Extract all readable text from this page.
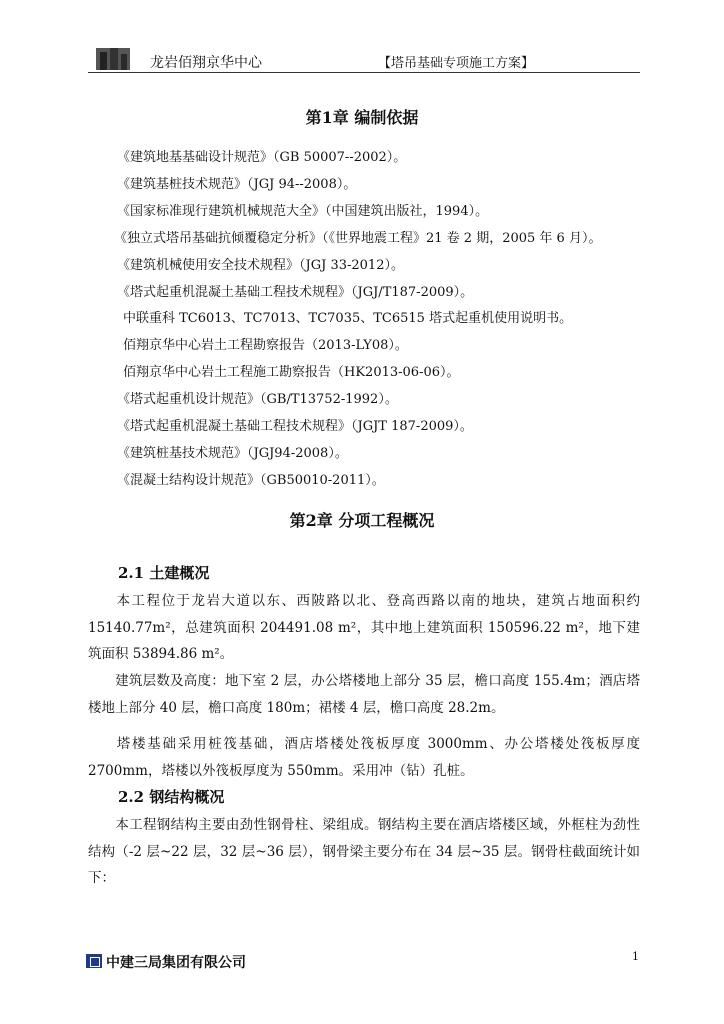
龙岩佰翔京华中心	【塔吊基础专项施工方案】
第1章 编制依据
《建筑地基基础设计规范》（GB 50007--2002）。
《建筑基桩技术规范》（JGJ 94--2008）。
《国家标准现行建筑机械规范大全》（中国建筑出版社，1994）。
《独立式塔吊基础抗倾覆稳定分析》（《世界地震工程》21 卷 2 期，2005 年 6 月）。
《建筑机械使用安全技术规程》（JGJ 33-2012）。
《塔式起重机混凝土基础工程技术规程》（JGJ/T187-2009）。
中联重科 TC6013、TC7013、TC7035、TC6515 塔式起重机使用说明书。
佰翔京华中心岩土工程勘察报告（2013-LY08）。
佰翔京华中心岩土工程施工勘察报告（HK2013-06-06）。
《塔式起重机设计规范》（GB/T13752-1992）。
《塔式起重机混凝土基础工程技术规程》（JGJT 187-2009）。
《建筑桩基技术规范》（JGJ94-2008）。
《混凝土结构设计规范》（GB50010-2011）。
第2章 分项工程概况
2.1 土建概况
本工程位于龙岩大道以东、西陂路以北、登高西路以南的地块，建筑占地面积约15140.77m²，总建筑面积 204491.08 m²，其中地上建筑面积 150596.22 m²，地下建筑面积 53894.86 m²。
建筑层数及高度：地下室 2 层，办公塔楼地上部分 35 层，檐口高度 155.4m；酒店塔楼地上部分 40 层，檐口高度 180m；裙楼 4 层，檐口高度 28.2m。
塔楼基础采用桩筏基础，酒店塔楼处筏板厚度 3000mm、办公塔楼处筏板厚度2700mm，塔楼以外筏板厚度为 550mm。采用冲（钻）孔桩。
2.2 钢结构概况
本工程钢结构主要由劲性钢骨柱、梁组成。钢结构主要在酒店塔楼区域，外框柱为劲性结构（-2 层~22 层，32 层~36 层），钢骨梁主要分布在 34 层~35 层。钢骨柱截面统计如下：
1
中建三局集团有限公司
